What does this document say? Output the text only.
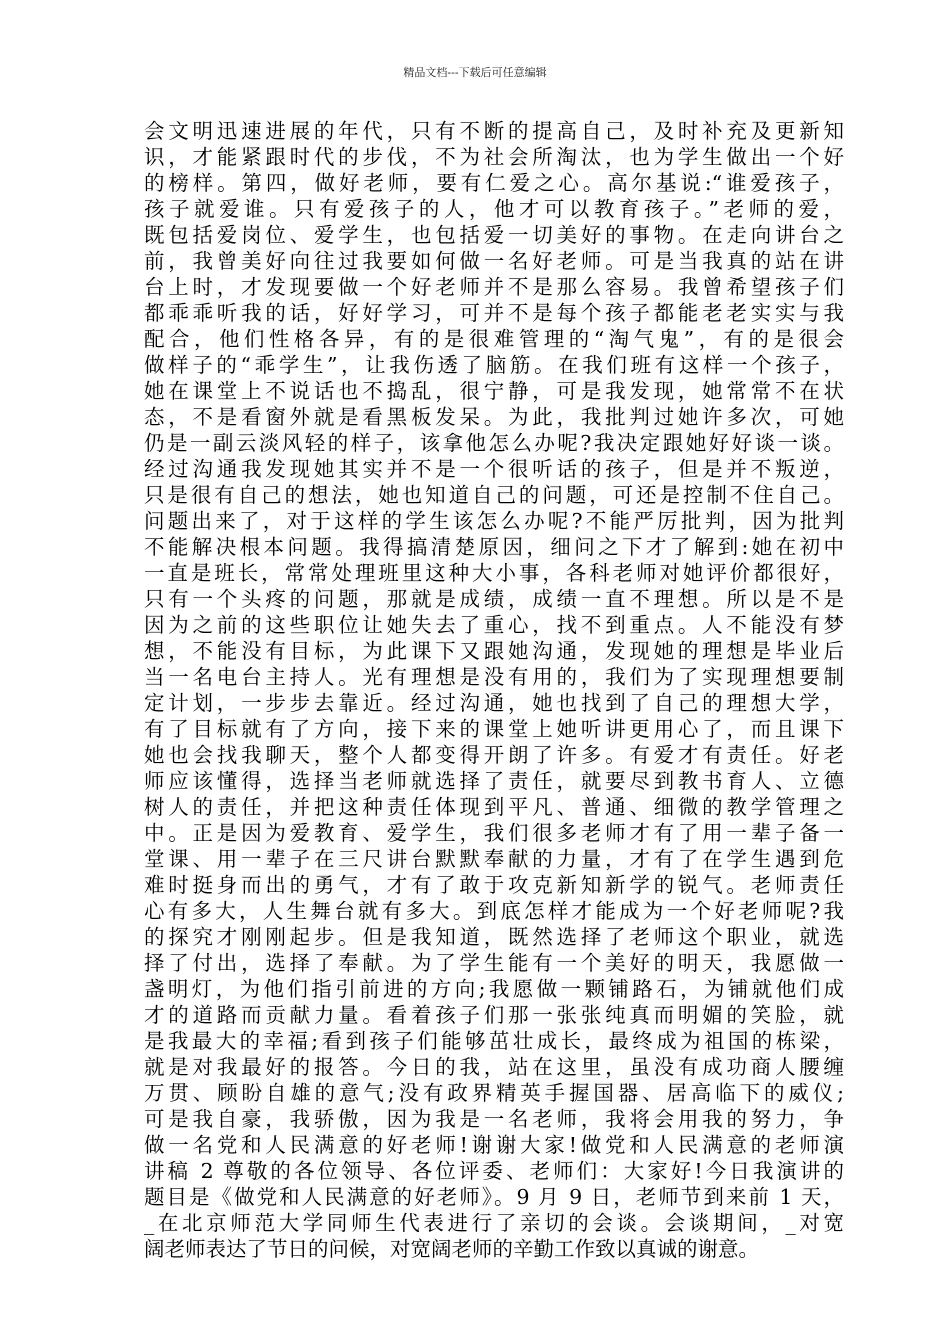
精品文档---下载后可任意编辑
会文明迅速进展的年代，只有不断的提高自己，及时补充及更新知
识，才能紧跟时代的步伐，不为社会所淘汰，也为学生做出一个好
的榜样。第四，做好老师，要有仁爱之心。高尔基说:“谁爱孩子，
孩子就爱谁。只有爱孩子的人，他才可以教育孩子。”老师的爱，
既包括爱岗位、爱学生，也包括爱一切美好的事物。在走向讲台之
前，我曾美好向往过我要如何做一名好老师。可是当我真的站在讲
台上时，才发现要做一个好老师并不是那么容易。我曾希望孩子们
都乖乖听我的话，好好学习，可并不是每个孩子都能老老实实与我
配合，他们性格各异，有的是很难管理的“淘气鬼”，有的是很会
做样子的“乖学生”，让我伤透了脑筋。在我们班有这样一个孩子，
她在课堂上不说话也不捣乱，很宁静，可是我发现，她常常不在状
态，不是看窗外就是看黑板发呆。为此，我批判过她许多次，可她
仍是一副云淡风轻的样子，该拿他怎么办呢?我决定跟她好好谈一谈。
经过沟通我发现她其实并不是一个很听话的孩子，但是并不叛逆，
只是很有自己的想法，她也知道自己的问题，可还是控制不住自己。
问题出来了，对于这样的学生该怎么办呢?不能严厉批判，因为批判
不能解决根本问题。我得搞清楚原因，细问之下才了解到:她在初中
一直是班长，常常处理班里这种大小事，各科老师对她评价都很好，
只有一个头疼的问题，那就是成绩，成绩一直不理想。所以是不是
因为之前的这些职位让她失去了重心，找不到重点。人不能没有梦
想，不能没有目标，为此课下又跟她沟通，发现她的理想是毕业后
当一名电台主持人。光有理想是没有用的，我们为了实现理想要制
定计划，一步步去靠近。经过沟通，她也找到了自己的理想大学，
有了目标就有了方向，接下来的课堂上她听讲更用心了，而且课下
她也会找我聊天，整个人都变得开朗了许多。有爱才有责任。好老
师应该懂得，选择当老师就选择了责任，就要尽到教书育人、立德
树人的责任，并把这种责任体现到平凡、普通、细微的教学管理之
中。正是因为爱教育、爱学生，我们很多老师才有了用一辈子备一
堂课、用一辈子在三尺讲台默默奉献的力量，才有了在学生遇到危
难时挺身而出的勇气，才有了敢于攻克新知新学的锐气。老师责任
心有多大，人生舞台就有多大。到底怎样才能成为一个好老师呢?我
的探究才刚刚起步。但是我知道，既然选择了老师这个职业，就选
择了付出，选择了奉献。为了学生能有一个美好的明天，我愿做一
盏明灯，为他们指引前进的方向;我愿做一颗铺路石，为铺就他们成
才的道路而贡献力量。看着孩子们那一张张纯真而明媚的笑脸，就
是我最大的幸福;看到孩子们能够茁壮成长，最终成为祖国的栋梁，
就是对我最好的报答。今日的我，站在这里，虽没有成功商人腰缠
万贯、顾盼自雄的意气;没有政界精英手握国器、居高临下的威仪;
可是我自豪，我骄傲，因为我是一名老师，我将会用我的努力，争
做一名党和人民满意的好老师!谢谢大家!做党和人民满意的老师演
讲稿 2 尊敬的各位领导、各位评委、老师们：大家好!今日我演讲的
题目是《做党和人民满意的好老师》。9 月 9 日，老师节到来前 1 天，
_在北京师范大学同师生代表进行了亲切的会谈。会谈期间，_对宽
阔老师表达了节日的问候，对宽阔老师的辛勤工作致以真诚的谢意。
